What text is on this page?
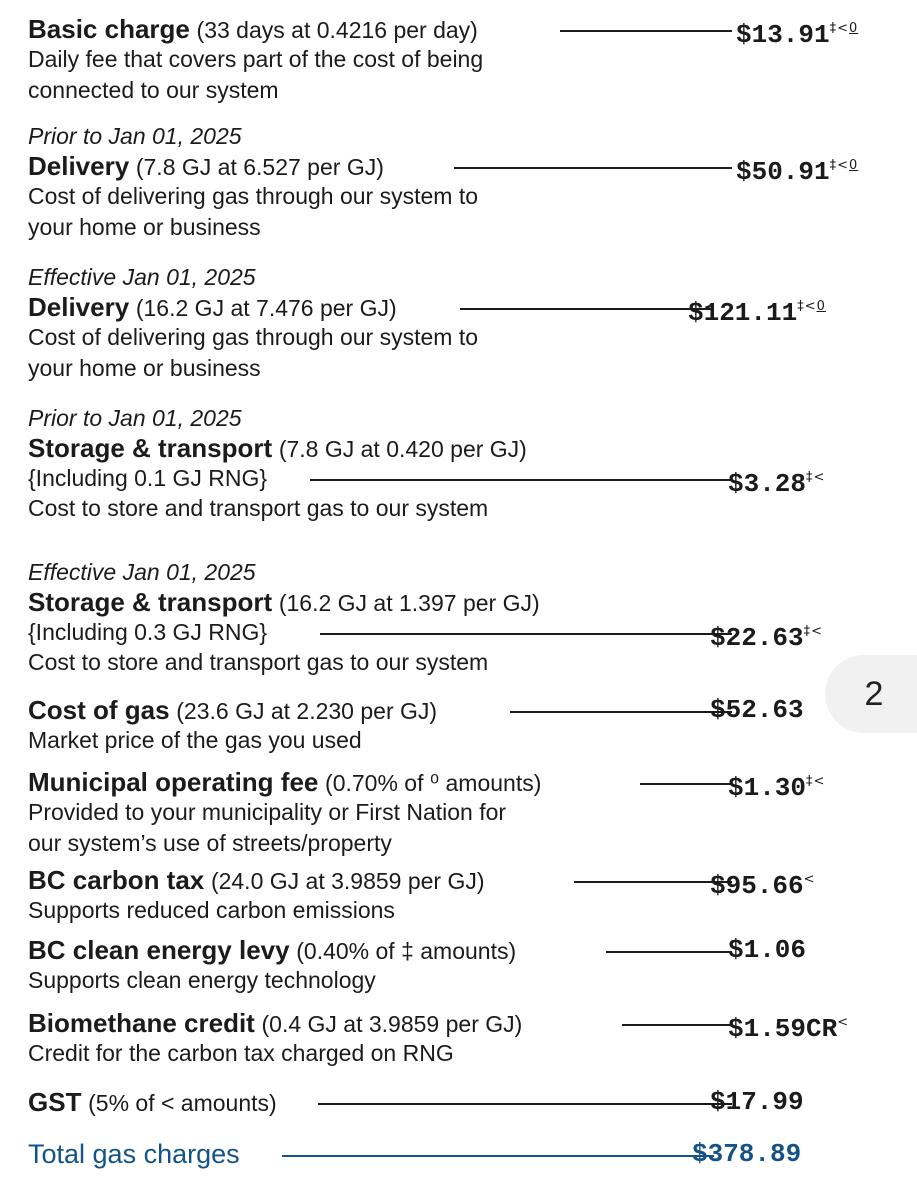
Basic charge (33 days at 0.4216 per day)	$\$13.91^{\ddagger<0}$
Daily fee that covers part of the cost of being
connected to our system
Prior to Jan 01, 2025
Delivery (7.8 GJ at 6.527 per GJ)	$\$50.91^{\ddagger<0}$
Cost of delivering gas through our system to
your home or business
Effective Jan 01, 2025
Delivery (16.2 GJ at 7.476 per GJ)	$\$121.11^{\ddagger<0}$
Cost of delivering gas through our system to
your home or business
Prior to Jan 01, 2025
Storage & transport (7.8 GJ at 0.420 per GJ)
{Including 0.1 GJ RNG}	$3.28‡<
Cost to store and transport gas to our system
Effective Jan 01, 2025
Storage & transport (16.2 GJ at 1.397 per GJ)
{Including 0.3 GJ RNG}	$22.63‡<
Cost to store and transport gas to our system
Cost of gas (23.6 GJ at 2.230 per GJ)	$52.63
Market price of the gas you used
Municipal operating fee (0.70% of ⁰ amounts)	$1.30‡<
Provided to your municipality or First Nation for
our system’s use of streets/property
BC carbon tax (24.0 GJ at 3.9859 per GJ)	$95.66<
Supports reduced carbon emissions
BC clean energy levy (0.40% of ‡ amounts)	$1.06
Supports clean energy technology
Biomethane credit (0.4 GJ at 3.9859 per GJ)	$1.59CR<
Credit for the carbon tax charged on RNG
GST (5% of < amounts)	$17.99
Total gas charges	$378.89
2
